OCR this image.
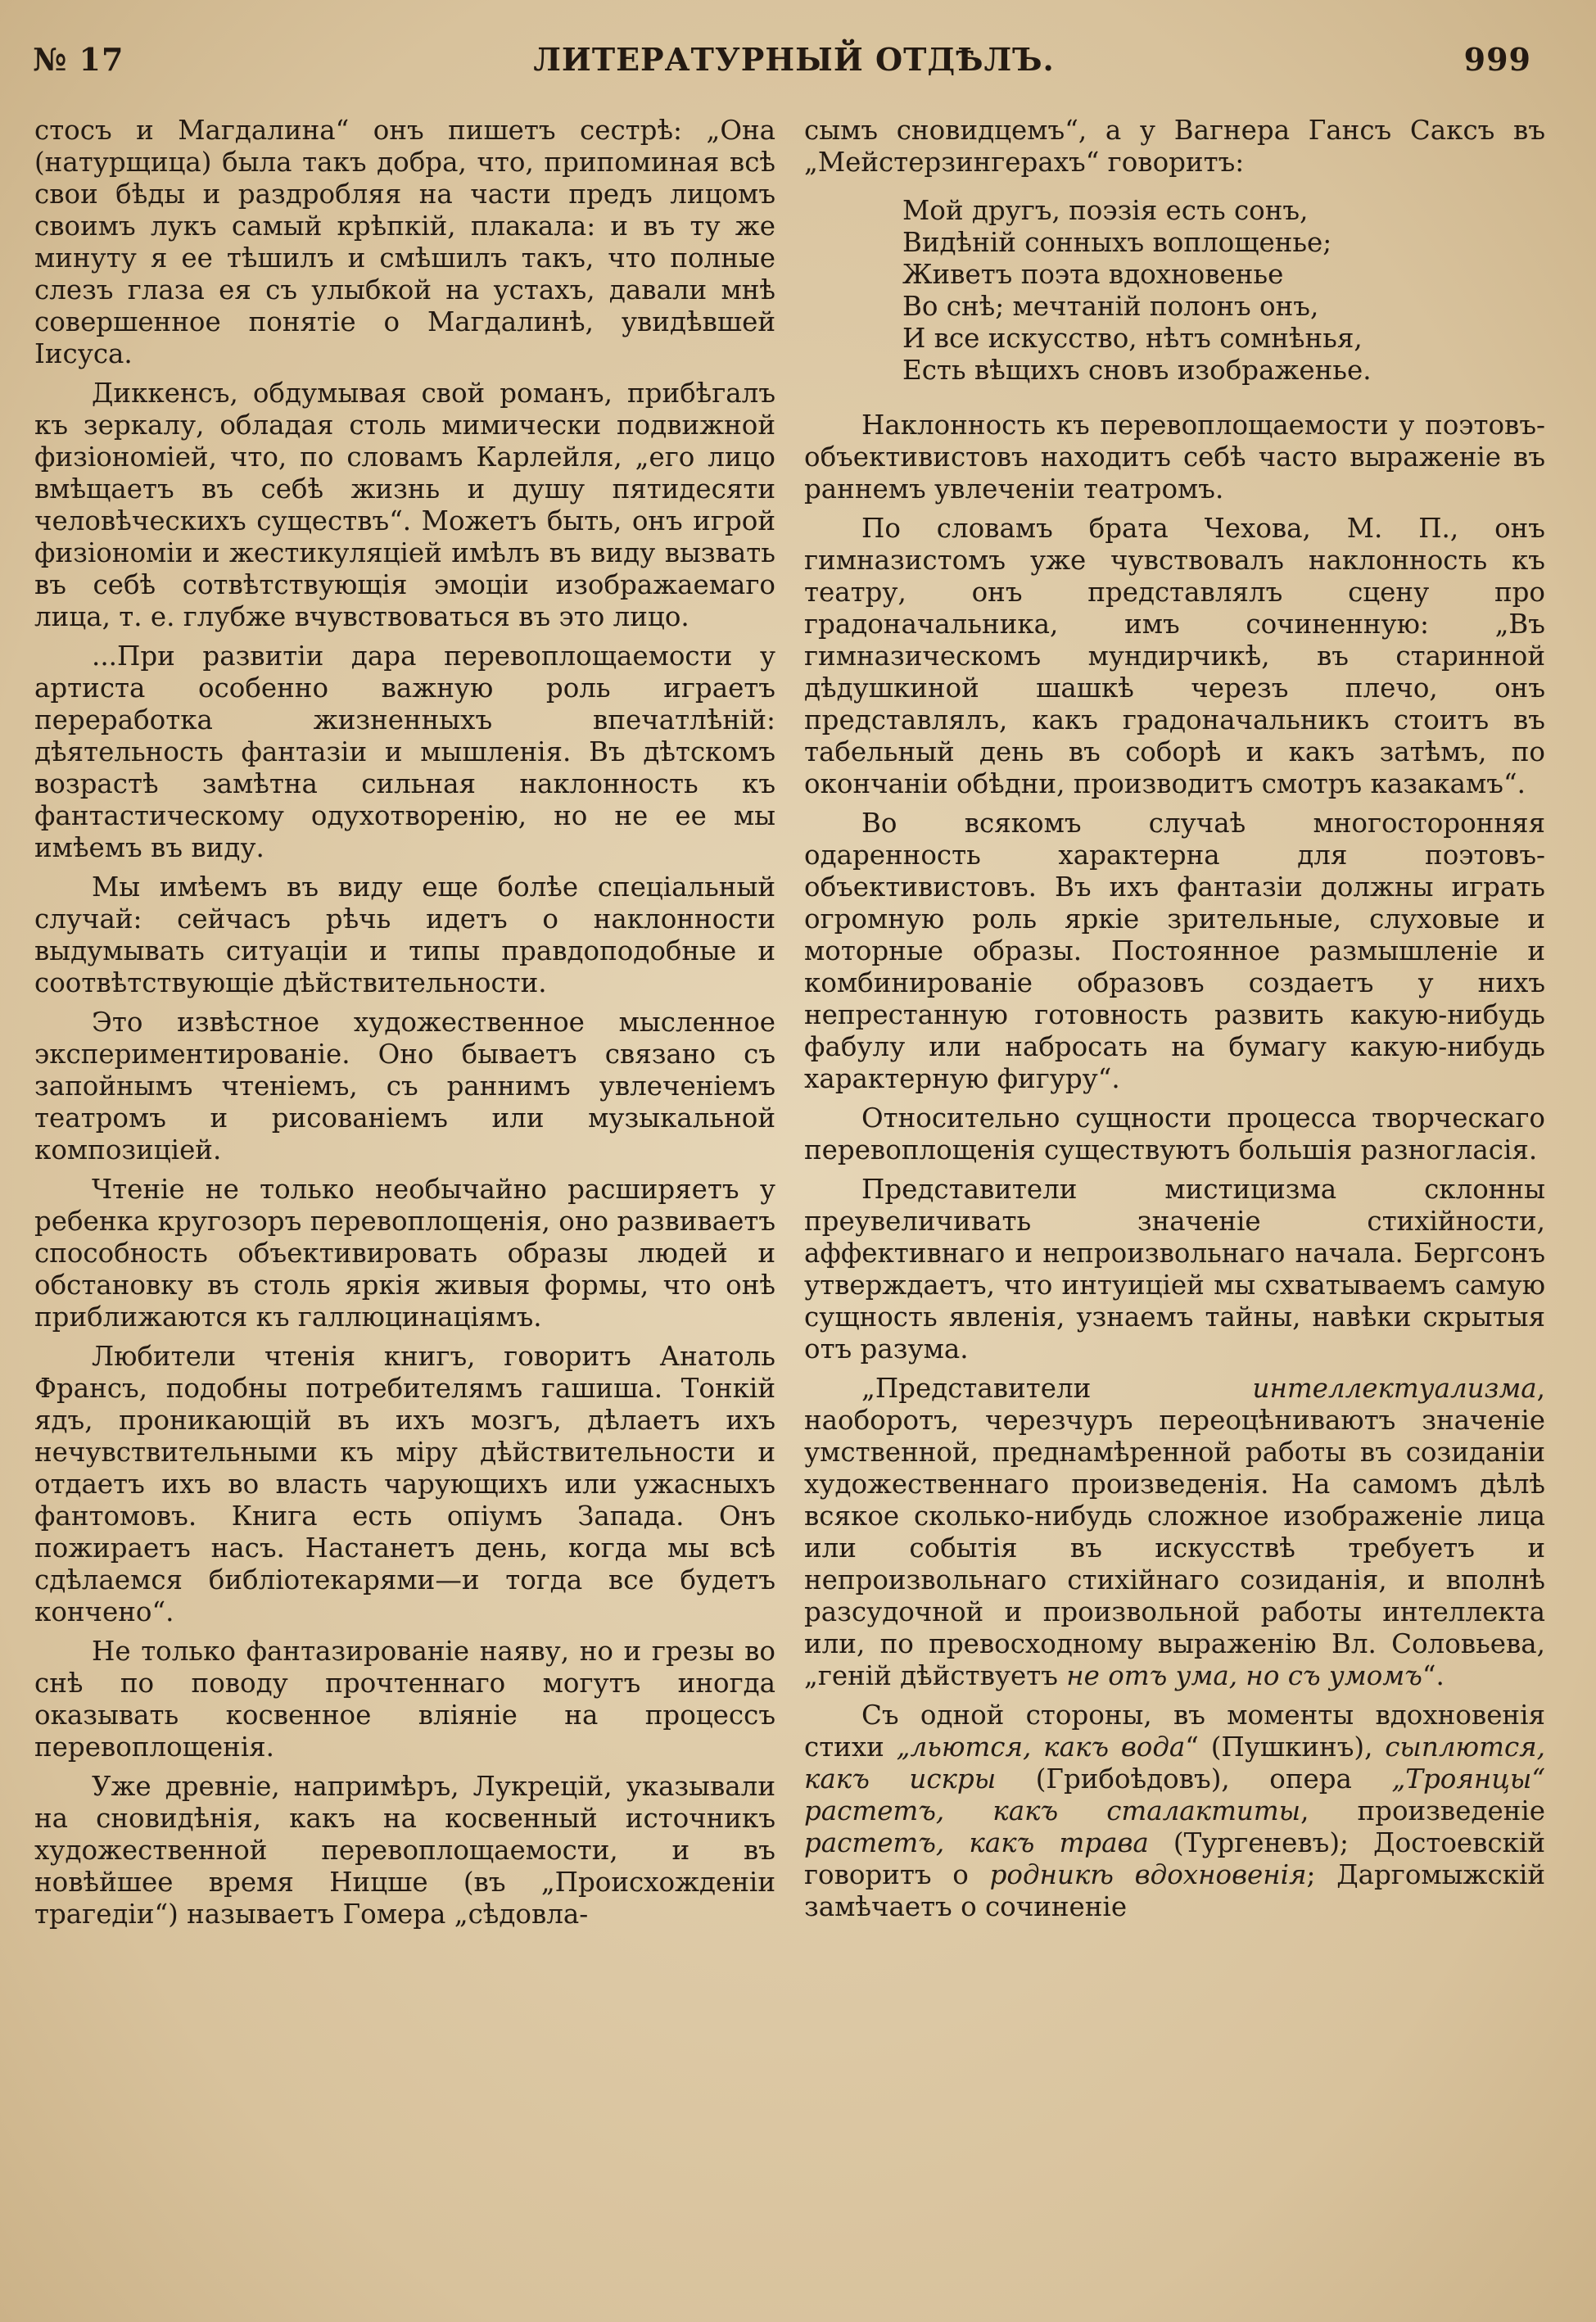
№ 17	ЛИТЕРАТУРНЫЙ ОТДѢЛЪ.	999

стосъ и Магдалина“ онъ пишетъ сестрѣ: „Она (натурщица) была такъ добра, что, припоминая всѣ свои бѣды и раздробляя на части предъ лицомъ своимъ лукъ самый крѣпкій, плакала: и въ ту же минуту я ее тѣшилъ и смѣшилъ такъ, что полные слезъ глаза ея съ улыбкой на устахъ, давали мнѣ совершенное понятіе о Магдалинѣ, увидѣвшей Іисуса.

Диккенсъ, обдумывая свой романъ, прибѣгалъ къ зеркалу, обладая столь мимически подвижной физіономіей, что, по словамъ Карлейля, „его лицо вмѣщаетъ въ себѣ жизнь и душу пятидесяти человѣческихъ существъ“. Можетъ быть, онъ игрой физіономіи и жестикуляціей имѣлъ въ виду вызвать въ себѣ сотвѣтствующія эмоціи изображаемаго лица, т. е. глубже вчувствоваться въ это лицо.

...При развитіи дара перевоплощаемости у артиста особенно важную роль играетъ переработка жизненныхъ впечатлѣній: дѣятельность фантазіи и мышленія. Въ дѣтскомъ возрастѣ замѣтна сильная наклонность къ фантастическому одухотворенію, но не ее мы имѣемъ въ виду.

Мы имѣемъ въ виду еще болѣе спеціальный случай: сейчасъ рѣчь идетъ о наклонности выдумывать ситуаціи и типы правдоподобные и соотвѣтствующіе дѣйствительности.

Это извѣстное художественное мысленное экспериментированіе. Оно бываетъ связано съ запойнымъ чтеніемъ, съ раннимъ увлеченіемъ театромъ и рисованіемъ или музыкальной композиціей.

Чтеніе не только необычайно расширяетъ у ребенка кругозоръ перевоплощенія, оно развиваетъ способность объективировать образы людей и обстановку въ столь яркія живыя формы, что онѣ приближаются къ галлюцинаціямъ.

Любители чтенія книгъ, говоритъ Анатоль Франсъ, подобны потребителямъ гашиша. Тонкій ядъ, проникающій въ ихъ мозгъ, дѣлаетъ ихъ нечувствительными къ міру дѣйствительности и отдаетъ ихъ во власть чарующихъ или ужасныхъ фантомовъ. Книга есть опіумъ Запада. Онъ пожираетъ насъ. Настанетъ день, когда мы всѣ сдѣлаемся библіотекарями—и тогда все будетъ кончено“.

Не только фантазированіе наяву, но и грезы во снѣ по поводу прочтеннаго могутъ иногда оказывать косвенное вліяніе на процессъ перевоплощенія.

Уже древніе, напримѣръ, Лукрецій, указывали на сновидѣнія, какъ на косвенный источникъ художественной перевоплощаемости, и въ новѣйшее время Ницше (въ „Происхожденіи трагедіи“) называетъ Гомера „сѣдовла-

сымъ сновидцемъ“, а у Вагнера Гансъ Саксъ въ „Мейстерзингерахъ“ говоритъ:

Мой другъ, поэзія есть сонъ,
Видѣній сонныхъ воплощенье;
Живетъ поэта вдохновенье
Во снѣ; мечтаній полонъ онъ,
И все искусство, нѣтъ сомнѣнья,
Есть вѣщихъ сновъ изображенье.

Наклонность къ перевоплощаемости у поэтовъ-объективистовъ находитъ себѣ часто выраженіе въ раннемъ увлеченіи театромъ.

По словамъ брата Чехова, М. П., онъ гимназистомъ уже чувствовалъ наклонность къ театру, онъ представлялъ сцену про градоначальника, имъ сочиненную: „Въ гимназическомъ мундирчикѣ, въ старинной дѣдушкиной шашкѣ черезъ плечо, онъ представлялъ, какъ градоначальникъ стоитъ въ табельный день въ соборѣ и какъ затѣмъ, по окончаніи обѣдни, производитъ смотръ казакамъ“.

Во всякомъ случаѣ многосторонняя одаренность характерна для поэтовъ-объективистовъ. Въ ихъ фантазіи должны играть огромную роль яркіе зрительные, слуховые и моторные образы. Постоянное размышленіе и комбинированіе образовъ создаетъ у нихъ непрестанную готовность развить какую-нибудь фабулу или набросать на бумагу какую-нибудь характерную фигуру“.

Относительно сущности процесса творческаго перевоплощенія существуютъ большія разногласія.

Представители мистицизма склонны преувеличивать значеніе стихійности, аффективнаго и непроизвольнаго начала. Бергсонъ утверждаетъ, что интуиціей мы схватываемъ самую сущность явленія, узнаемъ тайны, навѣки скрытыя отъ разума.

„Представители интеллектуализма, наоборотъ, черезчуръ переоцѣниваютъ значеніе умственной, преднамѣренной работы въ созиданіи художественнаго произведенія. На самомъ дѣлѣ всякое сколько-нибудь сложное изображеніе лица или событія въ искусствѣ требуетъ и непроизвольнаго стихійнаго созиданія, и вполнѣ разсудочной и произвольной работы интеллекта или, по превосходному выраженію Вл. Соловьева, „геній дѣйствуетъ не отъ ума, но съ умомъ“.

Съ одной стороны, въ моменты вдохновенія стихи „льются, какъ вода“ (Пушкинъ), сыплются, какъ искры (Грибоѣдовъ), опера „Троянцы“ растетъ, какъ сталактиты, произведеніе растетъ, какъ трава (Тургеневъ); Достоевскій говоритъ о родникѣ вдохновенія; Даргомыжскій замѣчаетъ о сочиненіе
